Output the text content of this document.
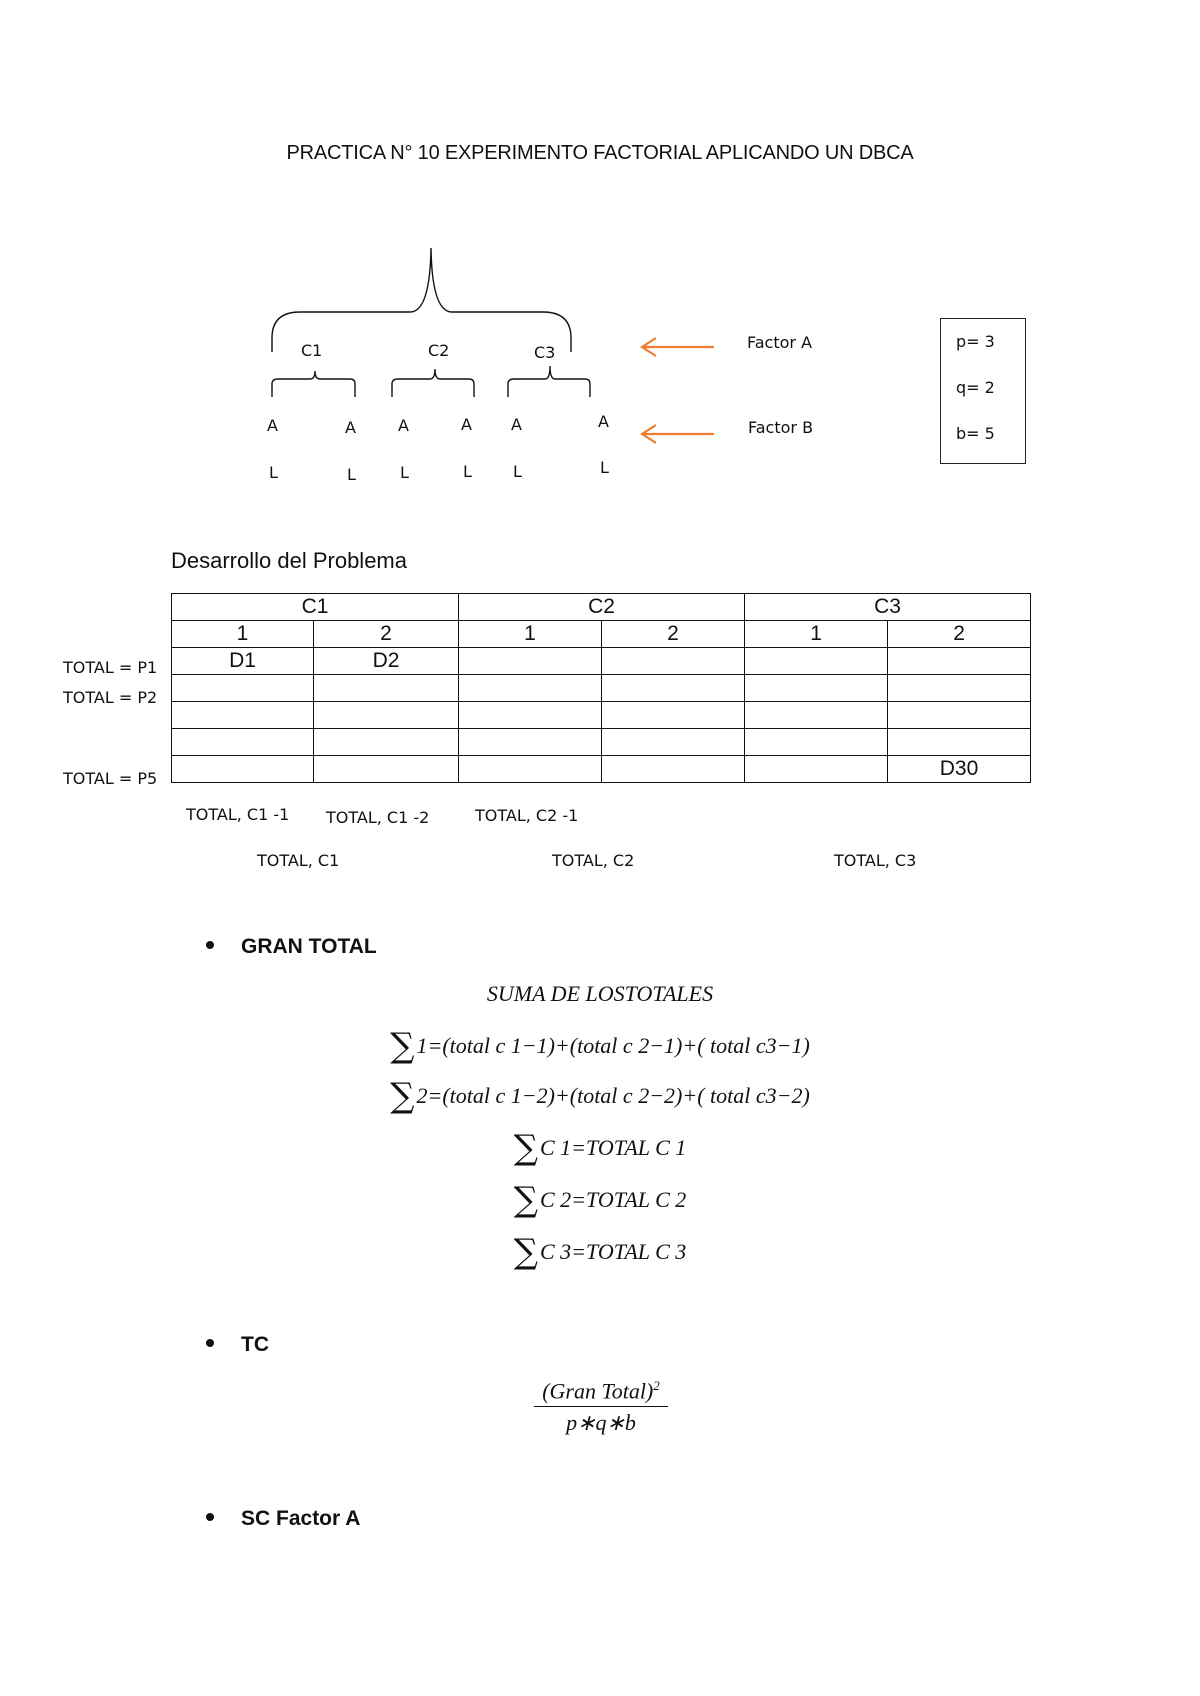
PRACTICA N° 10 EXPERIMENTO FACTORIAL APLICANDO UN DBCA
C1	C2	C3
A	A	A	A A	A
L	L	L	L	L	L
Factor A
Factor B
p= 3
q= 2
b= 5
Desarrollo del Problema
C1		C2		C3	
1	2	1	2	1	2
D1	D2				

					D30
TOTAL = P1
TOTAL = P2
TOTAL = P5
TOTAL, C1 -1 TOTAL, C1 -2	TOTAL, C2 -1
TOTAL, C1	TOTAL, C2	TOTAL, C3
GRAN TOTAL
SUMA DE LOSTOTALES
∑1=(total c 1−1)+(total c 2−1)+( total c3−1)
∑2=(total c 1−2)+(total c 2−2)+( total c3−2)
∑C 1=TOTAL C 1
∑C 2=TOTAL C 2
∑C 3=TOTAL C 3
TC
(Gran Total)$^2$
p∗q∗b
SC Factor A
